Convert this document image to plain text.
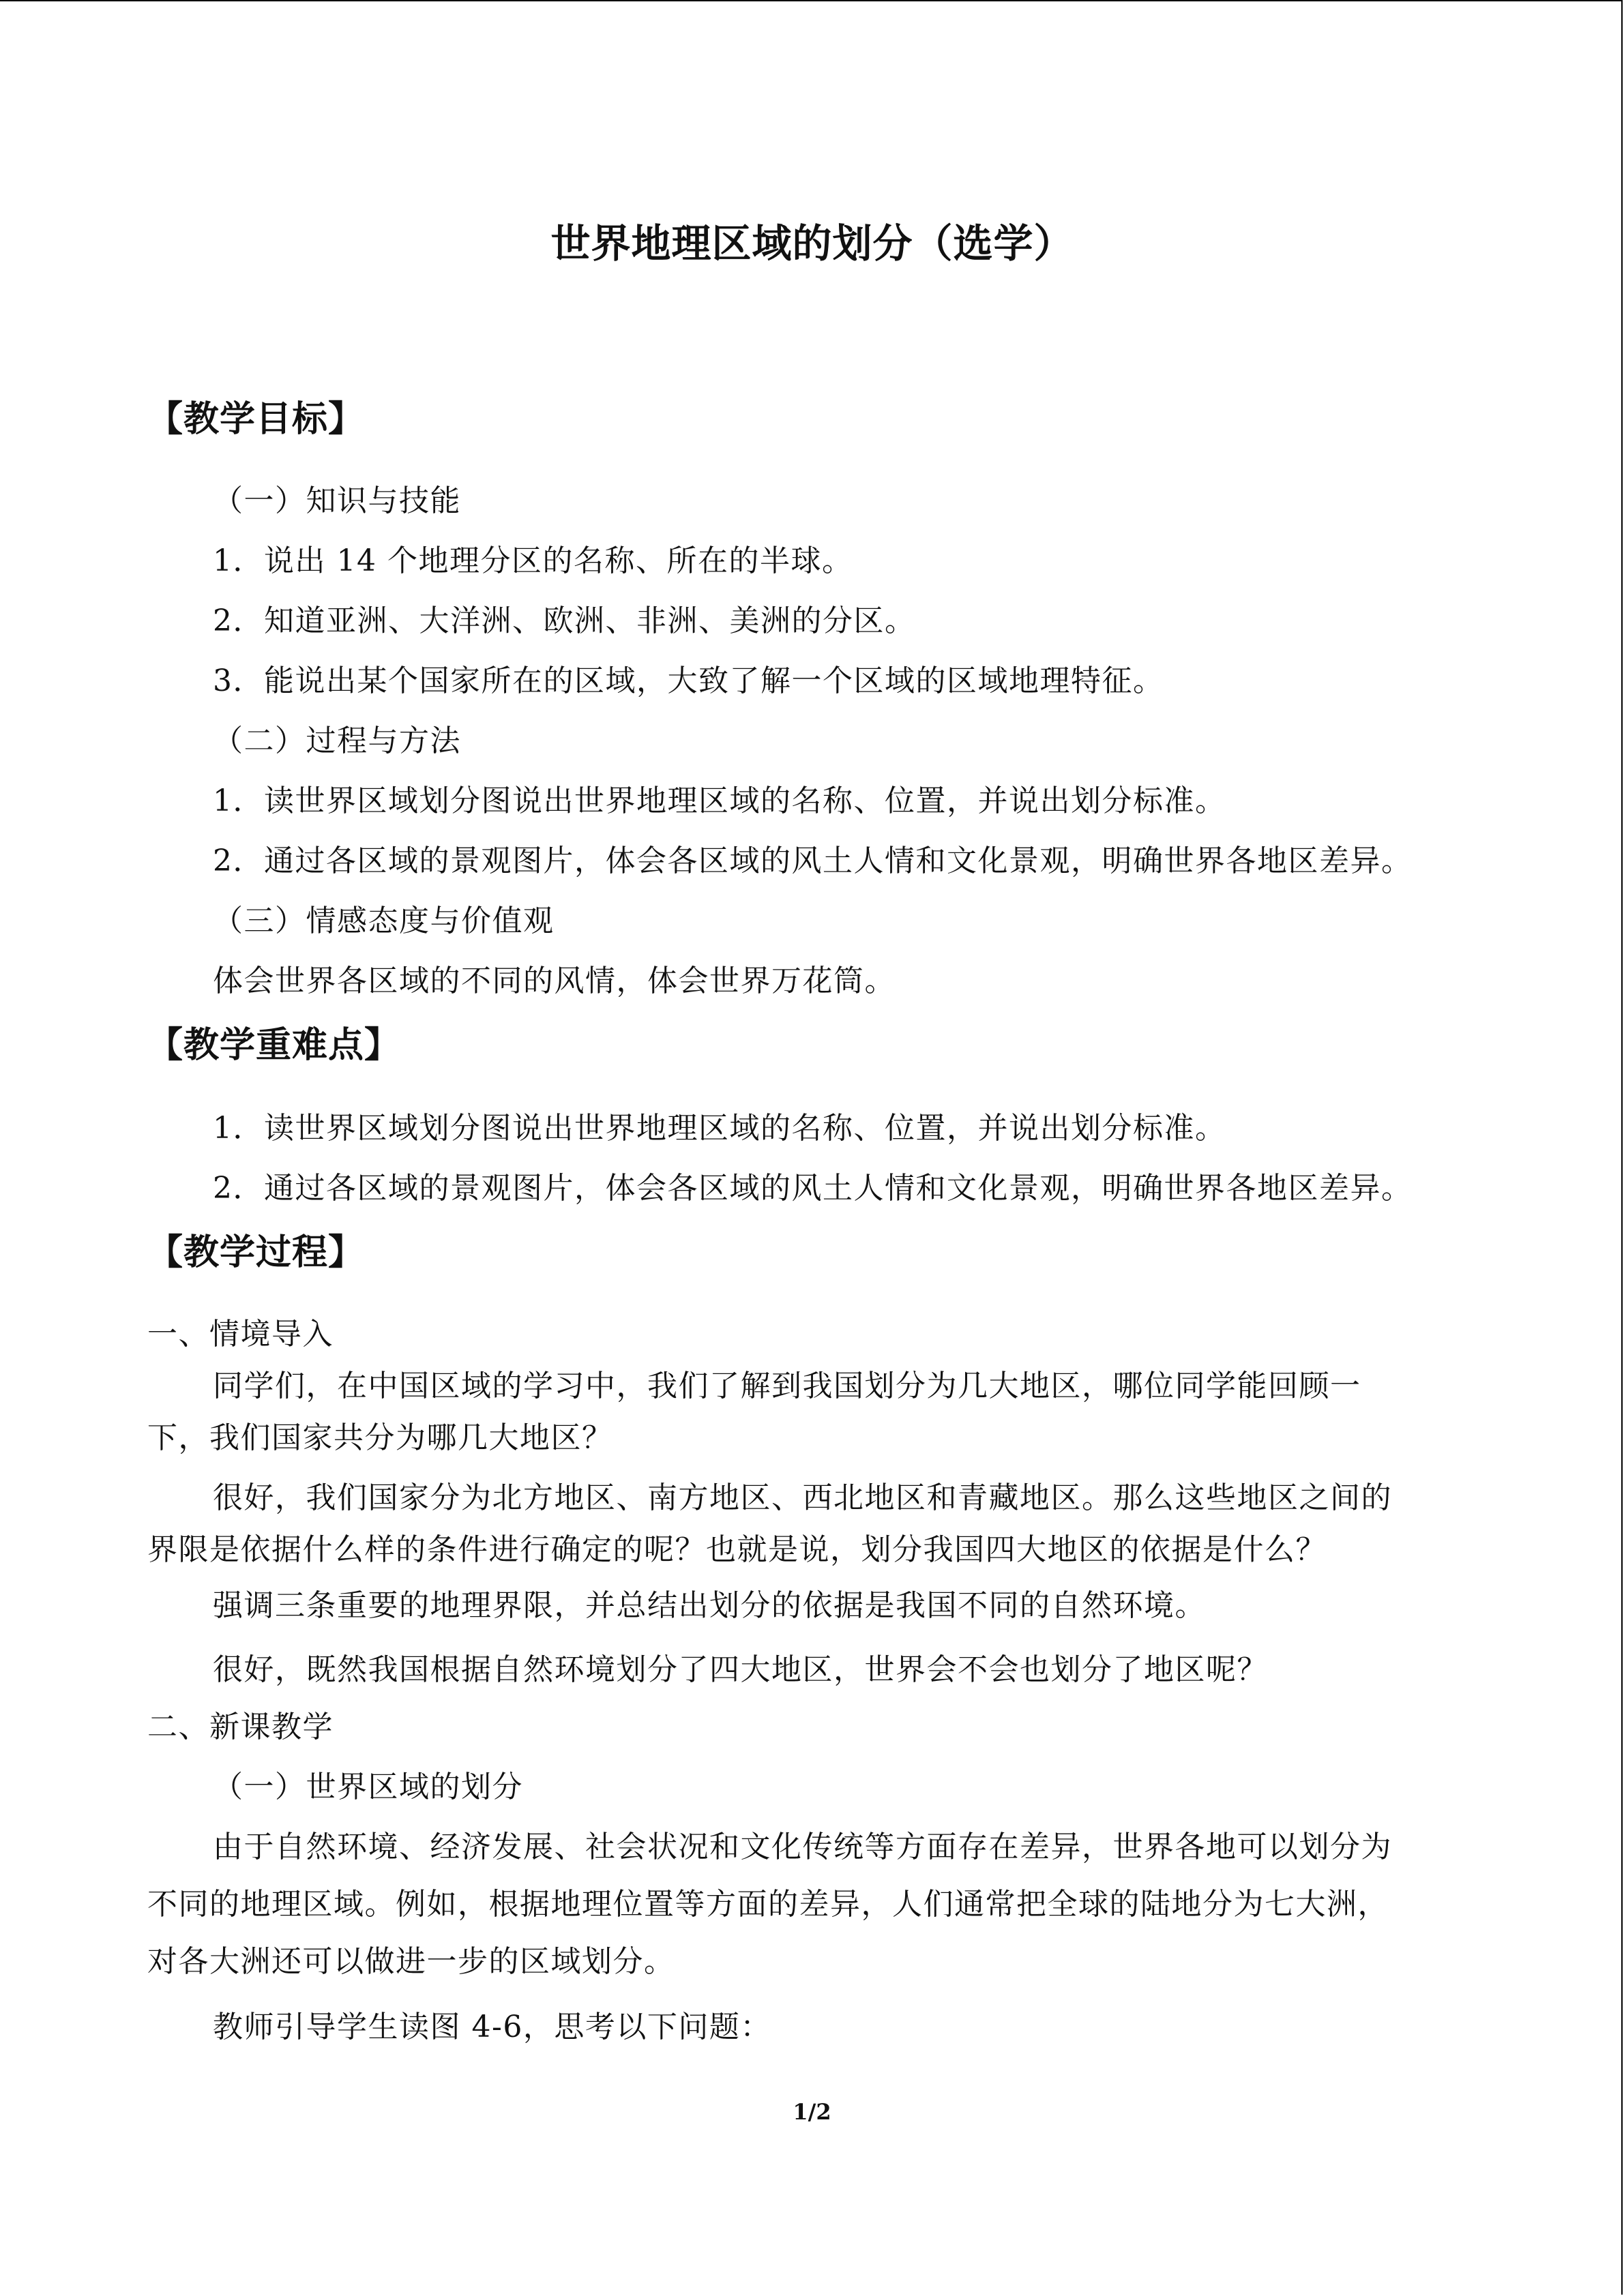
世界地理区域的划分（选学）
【教学目标】
（一）知识与技能
1．说出 14 个地理分区的名称、所在的半球。
2．知道亚洲、大洋洲、欧洲、非洲、美洲的分区。
3．能说出某个国家所在的区域，大致了解一个区域的区域地理特征。
（二）过程与方法
1．读世界区域划分图说出世界地理区域的名称、位置，并说出划分标准。
2．通过各区域的景观图片，体会各区域的风土人情和文化景观，明确世界各地区差异。
（三）情感态度与价值观
体会世界各区域的不同的风情，体会世界万花筒。
【教学重难点】
1．读世界区域划分图说出世界地理区域的名称、位置，并说出划分标准。
2．通过各区域的景观图片，体会各区域的风土人情和文化景观，明确世界各地区差异。
【教学过程】
一、情境导入
同学们，在中国区域的学习中，我们了解到我国划分为几大地区，哪位同学能回顾一
下，我们国家共分为哪几大地区？
很好，我们国家分为北方地区、南方地区、西北地区和青藏地区。那么这些地区之间的
界限是依据什么样的条件进行确定的呢？也就是说，划分我国四大地区的依据是什么？
强调三条重要的地理界限，并总结出划分的依据是我国不同的自然环境。
很好，既然我国根据自然环境划分了四大地区，世界会不会也划分了地区呢？
二、新课教学
（一）世界区域的划分
由于自然环境、经济发展、社会状况和文化传统等方面存在差异，世界各地可以划分为
不同的地理区域。例如，根据地理位置等方面的差异，人们通常把全球的陆地分为七大洲，
对各大洲还可以做进一步的区域划分。
教师引导学生读图 4-6，思考以下问题：
1/2
